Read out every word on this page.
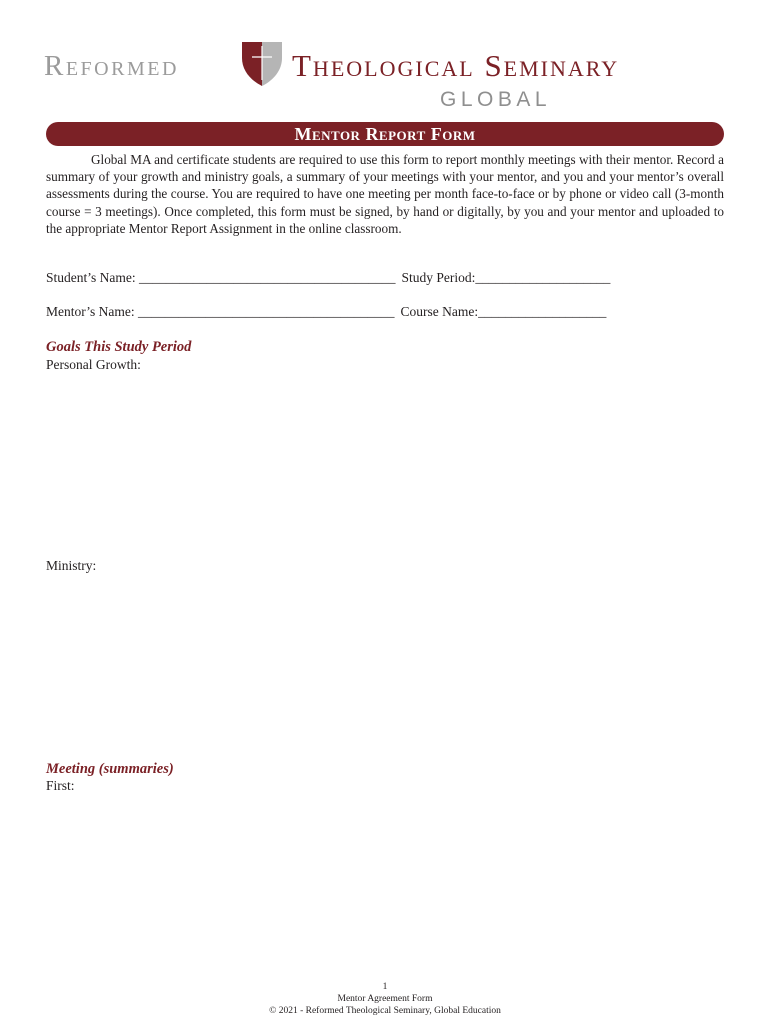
Reformed	Theological Seminary
GLOBAL
Mentor Report Form

Global MA and certificate students are required to use this form to report monthly meetings with their mentor. Record a summary of your growth and ministry goals, a summary of your meetings with your mentor, and you and your mentor’s overall assessments during the course. You are required to have one meeting per month face-to-face or by phone or video call (3-month course = 3 meetings). Once completed, this form must be signed, by hand or digitally, by you and your mentor and uploaded to the appropriate Mentor Report Assignment in the online classroom.

Student’s Name: ______________________________________ Study Period:____________________
Mentor’s Name: ______________________________________ Course Name:___________________
Goals This Study Period
Personal Growth:
Ministry:
Meeting (summaries)
First:
1
Mentor Agreement Form
© 2021 - Reformed Theological Seminary, Global Education
